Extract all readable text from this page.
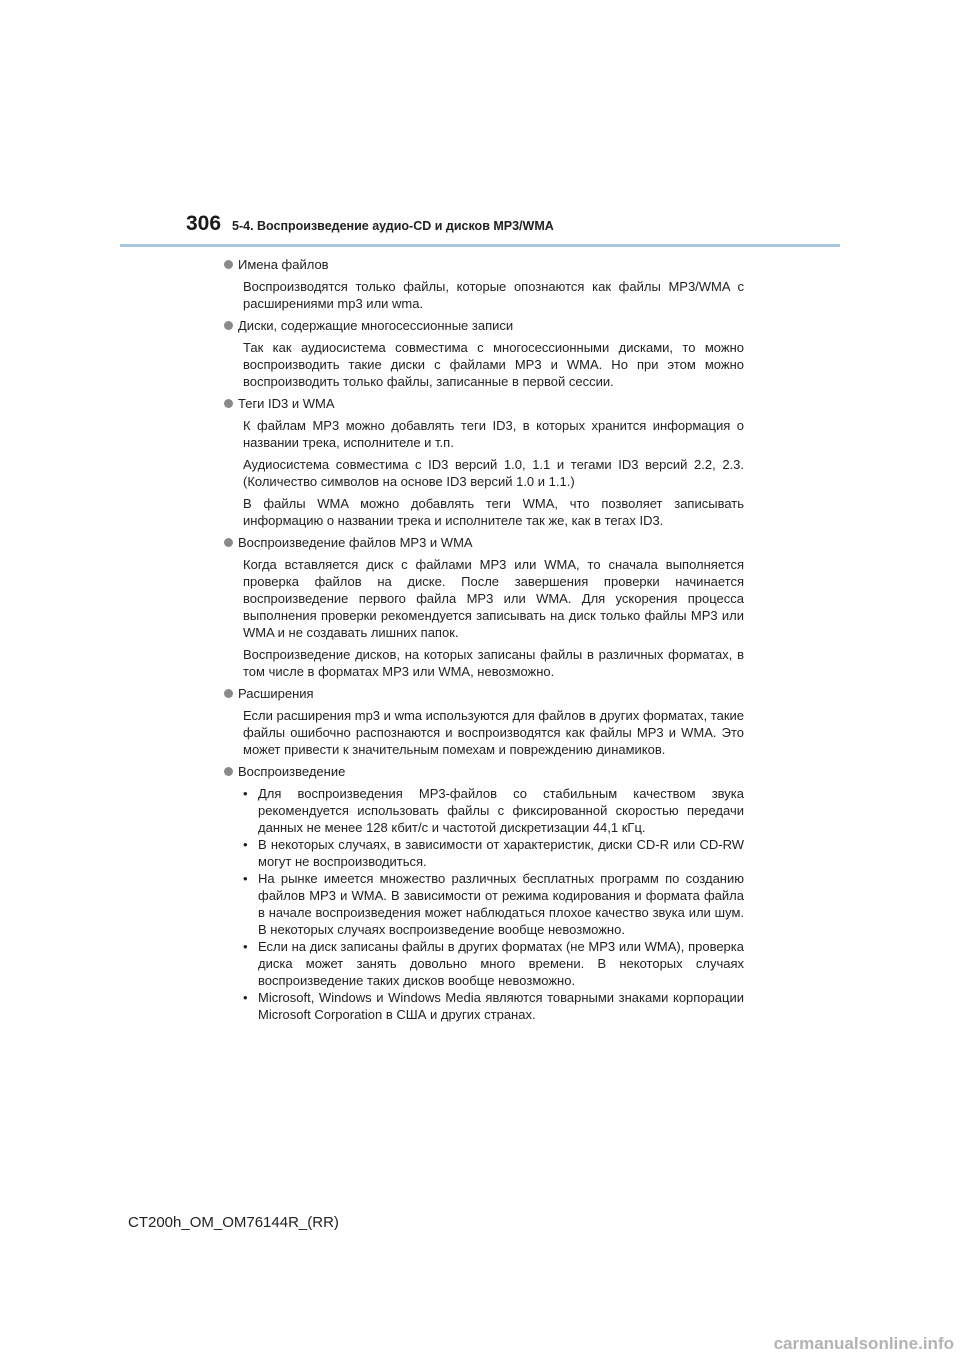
306 5-4. Воспроизведение аудио-CD и дисков MP3/WMA
Имена файлов

Воспроизводятся только файлы, которые опознаются как файлы MP3/WMA с расширениями mp3 или wma.

Диски, содержащие многосессионные записи

Так как аудиосистема совместима с многосессионными дисками, то можно воспроизводить такие диски с файлами MP3 и WMA. Но при этом можно воспроизводить только файлы, записанные в первой сессии.

Теги ID3 и WMA

К файлам MP3 можно добавлять теги ID3, в которых хранится информация о названии трека, исполнителе и т.п.

Аудиосистема совместима с ID3 версий 1.0, 1.1 и тегами ID3 версий 2.2, 2.3. (Количество символов на основе ID3 версий 1.0 и 1.1.)

В файлы WMA можно добавлять теги WMA, что позволяет записывать информацию о названии трека и исполнителе так же, как в тегах ID3.

Воспроизведение файлов MP3 и WMA

Когда вставляется диск с файлами MP3 или WMA, то сначала выполняется проверка файлов на диске. После завершения проверки начинается воспроизведение первого файла MP3 или WMA. Для ускорения процесса выполнения проверки рекомендуется записывать на диск только файлы MP3 или WMA и не создавать лишних папок.

Воспроизведение дисков, на которых записаны файлы в различных форматах, в том числе в форматах MP3 или WMA, невозможно.

Расширения

Если расширения mp3 и wma используются для файлов в других форматах, такие файлы ошибочно распознаются и воспроизводятся как файлы MP3 и WMA. Это может привести к значительным помехам и повреждению динамиков.

Воспроизведение
• Для воспроизведения MP3-файлов со стабильным качеством звука рекомендуется использовать файлы с фиксированной скоростью передачи данных не менее 128 кбит/с и частотой дискретизации 44,1 кГц.
• В некоторых случаях, в зависимости от характеристик, диски CD-R или CD-RW могут не воспроизводиться.
• На рынке имеется множество различных бесплатных программ по созданию файлов MP3 и WMA. В зависимости от режима кодирования и формата файла в начале воспроизведения может наблюдаться плохое качество звука или шум. В некоторых случаях воспроизведение вообще невозможно.
• Если на диск записаны файлы в других форматах (не MP3 или WMA), проверка диска может занять довольно много времени. В некоторых случаях воспроизведение таких дисков вообще невозможно.
• Microsoft, Windows и Windows Media являются товарными знаками корпорации Microsoft Corporation в США и других странах.
CT200h_OM_OM76144R_(RR)
carmanualsonline.info
